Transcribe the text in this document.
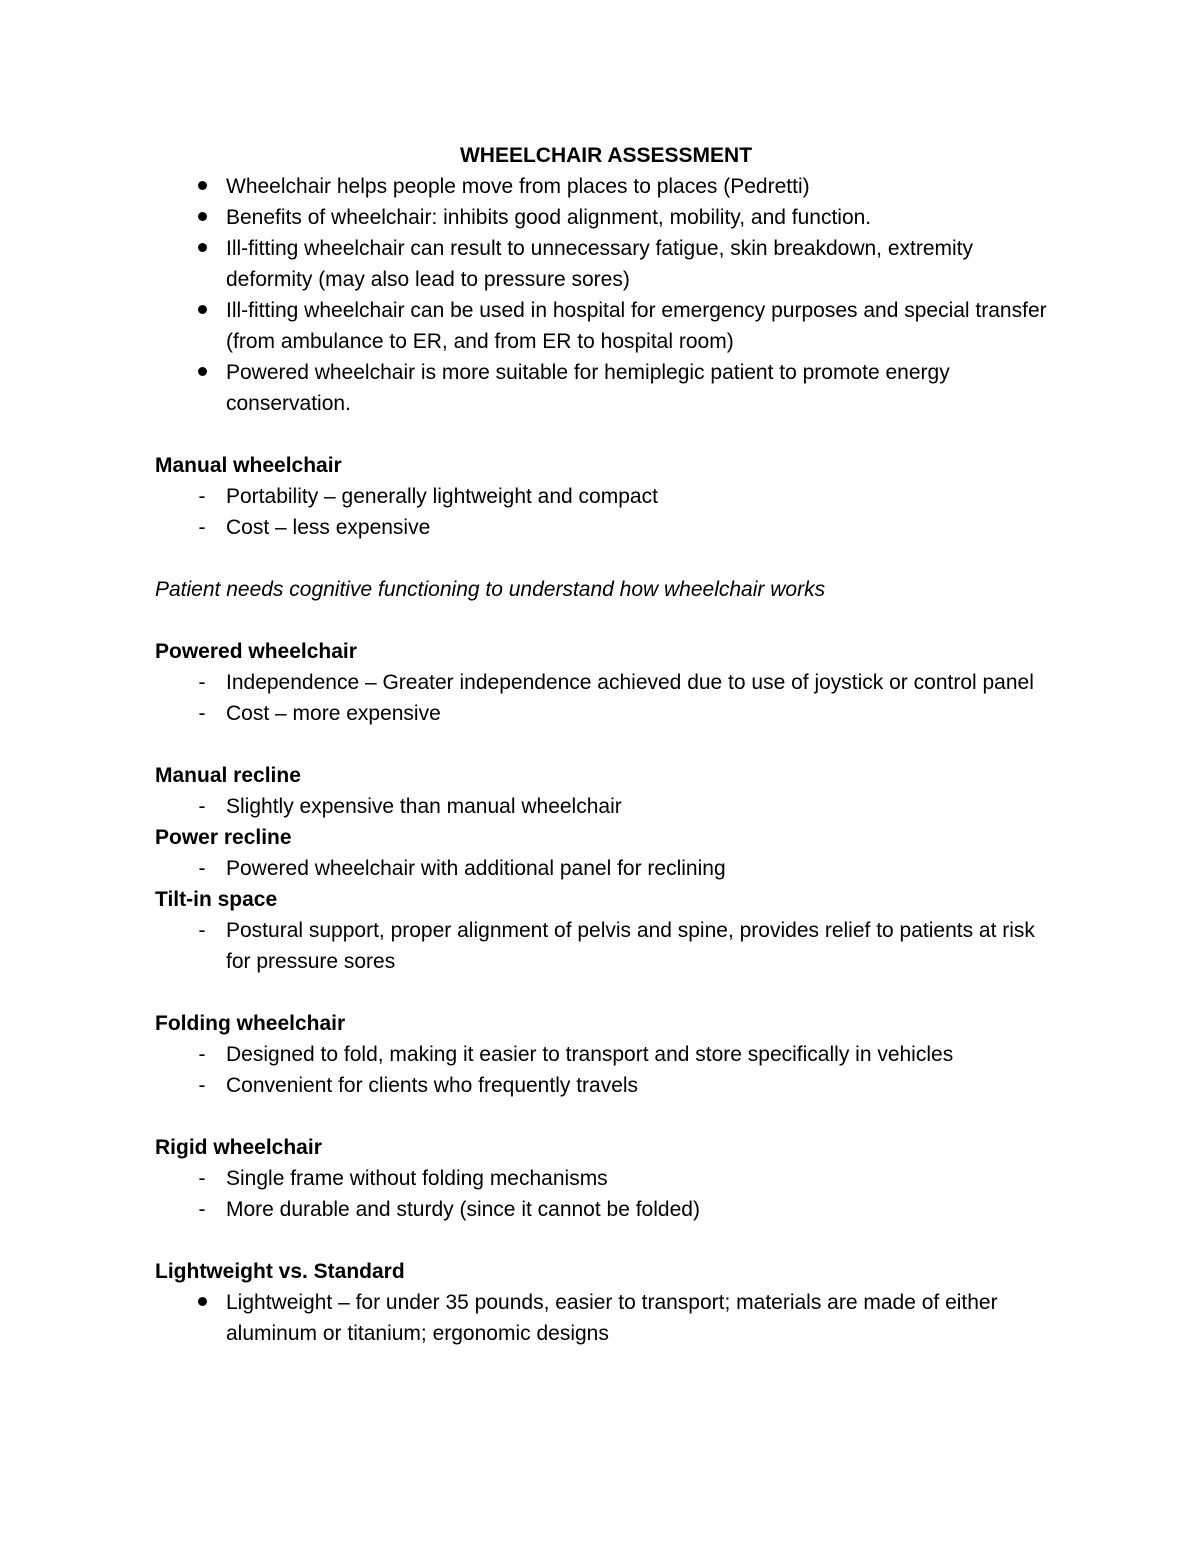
WHEELCHAIR ASSESSMENT

Wheelchair helps people move from places to places (Pedretti)
Benefits of wheelchair: inhibits good alignment, mobility, and function.
Ill-fitting wheelchair can result to unnecessary fatigue, skin breakdown, extremity deformity (may also lead to pressure sores)
Ill-fitting wheelchair can be used in hospital for emergency purposes and special transfer (from ambulance to ER, and from ER to hospital room)
Powered wheelchair is more suitable for hemiplegic patient to promote energy conservation.

Manual wheelchair

- Portability – generally lightweight and compact
- Cost – less expensive

Patient needs cognitive functioning to understand how wheelchair works

Powered wheelchair

- Independence – Greater independence achieved due to use of joystick or control panel
- Cost – more expensive

Manual recline

- Slightly expensive than manual wheelchair

Power recline

- Powered wheelchair with additional panel for reclining

Tilt-in space

- Postural support, proper alignment of pelvis and spine, provides relief to patients at risk for pressure sores

Folding wheelchair

- Designed to fold, making it easier to transport and store specifically in vehicles
- Convenient for clients who frequently travels

Rigid wheelchair

- Single frame without folding mechanisms
- More durable and sturdy (since it cannot be folded)

Lightweight vs. Standard

Lightweight – for under 35 pounds, easier to transport; materials are made of either aluminum or titanium; ergonomic designs
